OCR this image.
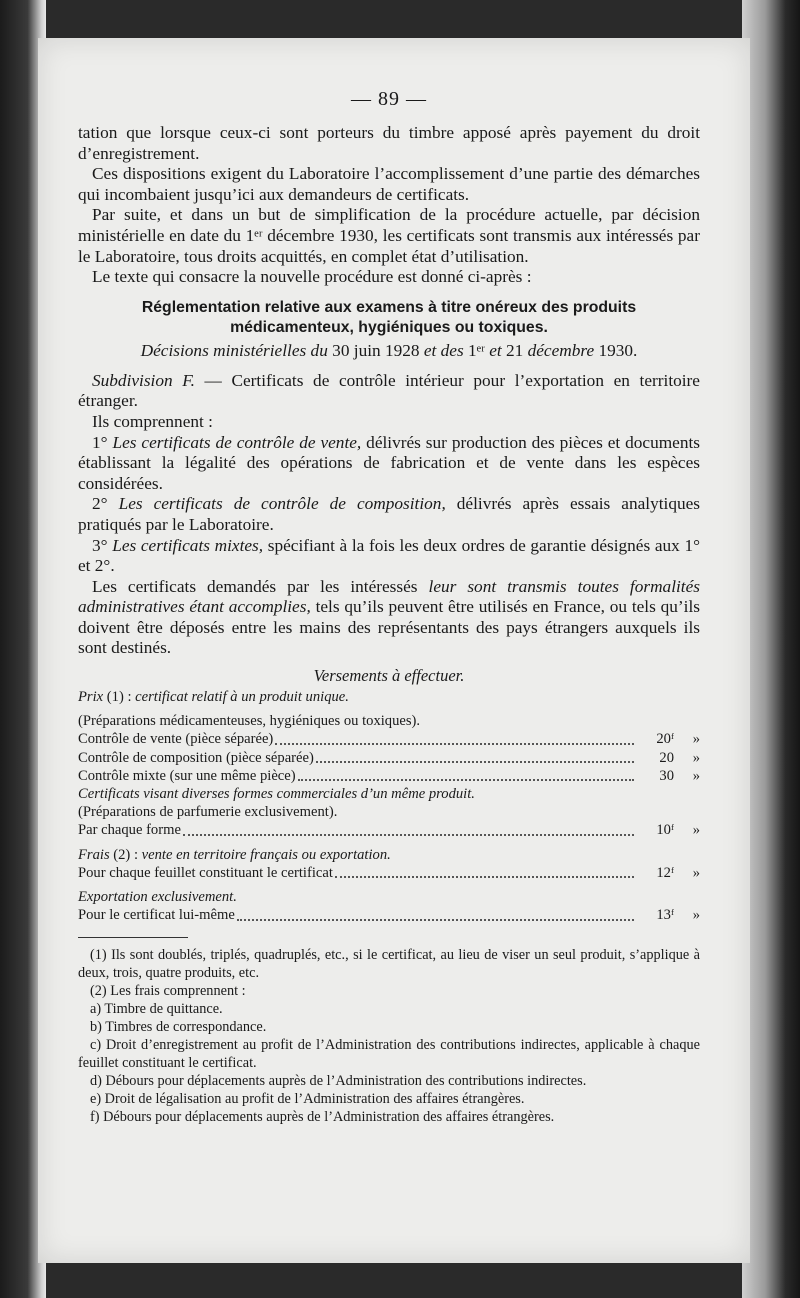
— 89 —

tation que lorsque ceux-ci sont porteurs du timbre apposé après payement du droit d’enregistrement.

Ces dispositions exigent du Laboratoire l’accomplissement d’une partie des démarches qui incombaient jusqu’ici aux demandeurs de certificats.

Par suite, et dans un but de simplification de la procédure actuelle, par décision ministérielle en date du 1ᵉʳ décembre 1930, les certificats sont transmis aux intéressés par le Laboratoire, tous droits acquittés, en complet état d’utilisation.

Le texte qui consacre la nouvelle procédure est donné ci-après :

Réglementation relative aux examens à titre onéreux des produits médicamenteux, hygiéniques ou toxiques.
Décisions ministérielles du 30 juin 1928 et des 1ᵉʳ et 21 décembre 1930.

Subdivision F. — Certificats de contrôle intérieur pour l’exportation en territoire étranger.

Ils comprennent :

1° Les certificats de contrôle de vente, délivrés sur production des pièces et documents établissant la légalité des opérations de fabrication et de vente dans les espèces considérées.

2° Les certificats de contrôle de composition, délivrés après essais analytiques pratiqués par le Laboratoire.

3° Les certificats mixtes, spécifiant à la fois les deux ordres de garantie désignés aux 1° et 2°.

Les certificats demandés par les intéressés leur sont transmis toutes formalités administratives étant accomplies, tels qu’ils peuvent être utilisés en France, ou tels qu’ils doivent être déposés entre les mains des représentants des pays étrangers auxquels ils sont destinés.

Versements à effectuer.
Prix (1) : certificat relatif à un produit unique.
(Préparations médicamenteuses, hygiéniques ou toxiques).
Contrôle de vente (pièce séparée)	20ᶠ	»
Contrôle de composition (pièce séparée)	20	»
Contrôle mixte (sur une même pièce)	30	»
Certificats visant diverses formes commerciales d’un même produit.
(Préparations de parfumerie exclusivement).
Par chaque forme	10ᶠ	»
Frais (2) : vente en territoire français ou exportation.
Pour chaque feuillet constituant le certificat	12ᶠ	»
Exportation exclusivement.
Pour le certificat lui-même	13ᶠ	»
(1) Ils sont doublés, triplés, quadruplés, etc., si le certificat, au lieu de viser un seul produit, s’applique à deux, trois, quatre produits, etc.
(2) Les frais comprennent :
a) Timbre de quittance.
b) Timbres de correspondance.
c) Droit d’enregistrement au profit de l’Administration des contributions indirectes, applicable à chaque feuillet constituant le certificat.
d) Débours pour déplacements auprès de l’Administration des contributions indirectes.
e) Droit de légalisation au profit de l’Administration des affaires étrangères.
f) Débours pour déplacements auprès de l’Administration des affaires étrangères.
